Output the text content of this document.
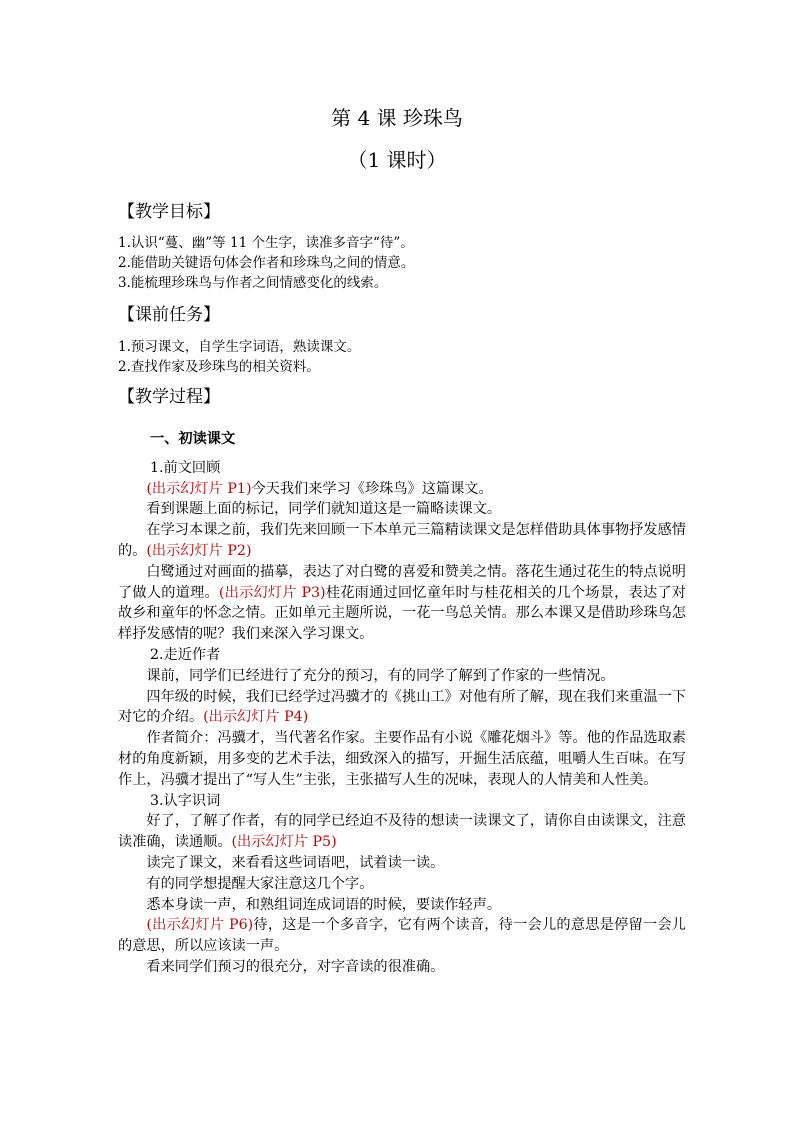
第 4 课 珍珠鸟
（1 课时）
【教学目标】
1.认识“蔓、幽”等 11 个生字，读准多音字“待”。
2.能借助关键语句体会作者和珍珠鸟之间的情意。
3.能梳理珍珠鸟与作者之间情感变化的线索。
【课前任务】
1.预习课文，自学生字词语，熟读课文。
2.查找作家及珍珠鸟的相关资料。
【教学过程】

一、初读课文

1.前文回顾

(出示幻灯片 P1)今天我们来学习《珍珠鸟》这篇课文。

看到课题上面的标记，同学们就知道这是一篇略读课文。

在学习本课之前，我们先来回顾一下本单元三篇精读课文是怎样借助具体事物抒发感情的。(出示幻灯片 P2)

白鹭通过对画面的描摹，表达了对白鹭的喜爱和赞美之情。落花生通过花生的特点说明了做人的道理。(出示幻灯片 P3)桂花雨通过回忆童年时与桂花相关的几个场景，表达了对故乡和童年的怀念之情。正如单元主题所说，一花一鸟总关情。那么本课又是借助珍珠鸟怎样抒发感情的呢？我们来深入学习课文。

2.走近作者

课前，同学们已经进行了充分的预习，有的同学了解到了作家的一些情况。

四年级的时候，我们已经学过冯骥才的《挑山工》对他有所了解，现在我们来重温一下对它的介绍。(出示幻灯片 P4)

作者简介：冯骥才，当代著名作家。主要作品有小说《雕花烟斗》等。他的作品选取素材的角度新颖，用多变的艺术手法，细致深入的描写，开掘生活底蕴，咀嚼人生百味。在写作上，冯骥才提出了“写人生”主张，主张描写人生的况味，表现人的人情美和人性美。

3.认字识词

好了，了解了作者，有的同学已经迫不及待的想读一读课文了，请你自由读课文，注意读准确，读通顺。(出示幻灯片 P5)

读完了课文，来看看这些词语吧，试着读一读。

有的同学想提醒大家注意这几个字。

悉本身读一声，和熟组词连成词语的时候，要读作轻声。

(出示幻灯片 P6)待，这是一个多音字，它有两个读音，待一会儿的意思是停留一会儿的意思，所以应该读一声。

看来同学们预习的很充分，对字音读的很准确。
